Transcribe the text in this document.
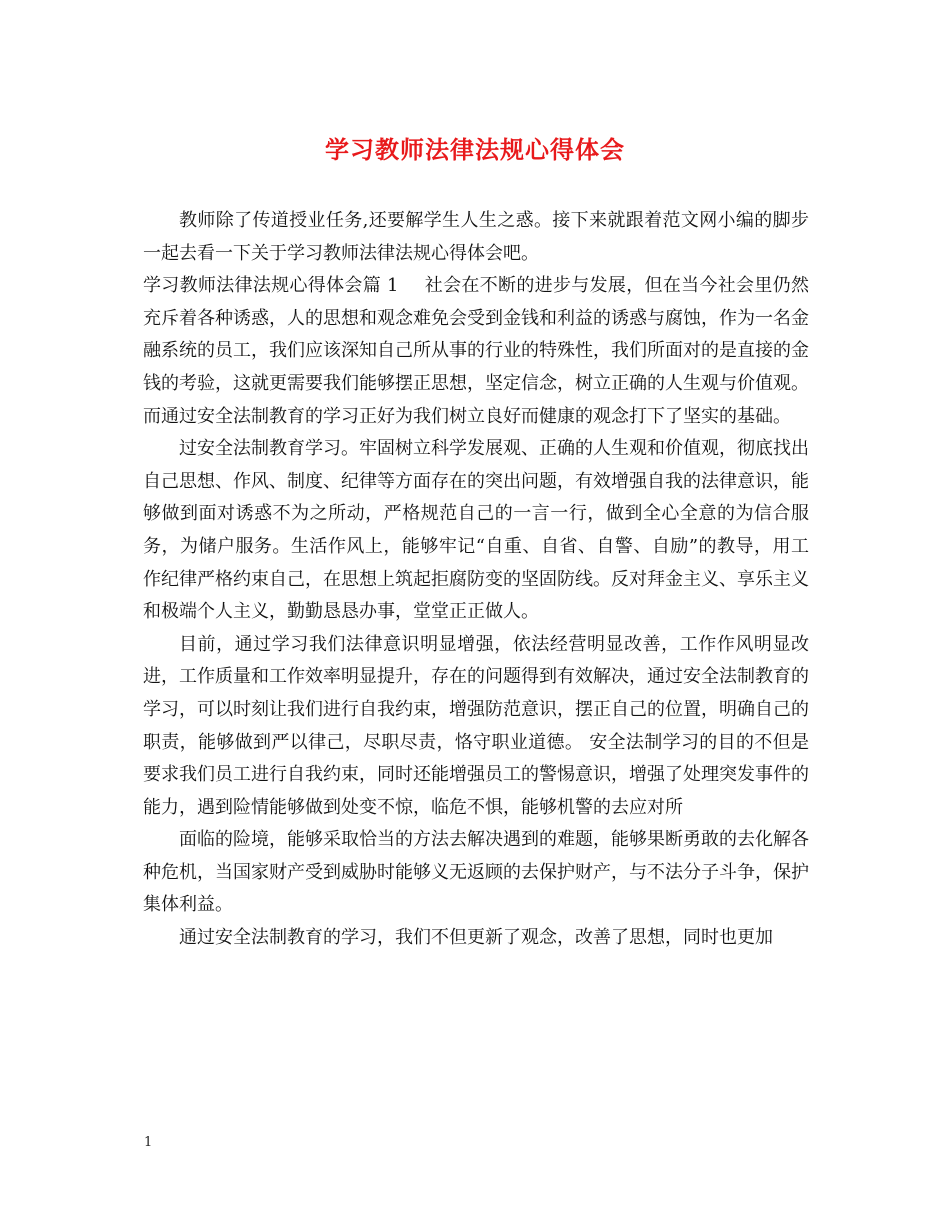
学习教师法律法规心得体会

教师除了传道授业任务,还要解学生人生之惑。接下来就跟着范文网小编的脚步一起去看一下关于学习教师法律法规心得体会吧。

学习教师法律法规心得体会篇 1 社会在不断的进步与发展，但在当今社会里仍然充斥着各种诱惑，人的思想和观念难免会受到金钱和利益的诱惑与腐蚀，作为一名金融系统的员工，我们应该深知自己所从事的行业的特殊性，我们所面对的是直接的金钱的考验，这就更需要我们能够摆正思想，坚定信念，树立正确的人生观与价值观。而通过安全法制教育的学习正好为我们树立良好而健康的观念打下了坚实的基础。

过安全法制教育学习。牢固树立科学发展观、正确的人生观和价值观，彻底找出自己思想、作风、制度、纪律等方面存在的突出问题，有效增强自我的法律意识，能够做到面对诱惑不为之所动，严格规范自己的一言一行，做到全心全意的为信合服务，为储户服务。生活作风上，能够牢记“自重、自省、自警、自励”的教导，用工作纪律严格约束自己，在思想上筑起拒腐防变的坚固防线。反对拜金主义、享乐主义和极端个人主义，勤勤恳恳办事，堂堂正正做人。

目前，通过学习我们法律意识明显增强，依法经营明显改善，工作作风明显改进，工作质量和工作效率明显提升，存在的问题得到有效解决，通过安全法制教育的学习，可以时刻让我们进行自我约束，增强防范意识，摆正自己的位置，明确自己的职责，能够做到严以律己，尽职尽责，恪守职业道德。 安全法制学习的目的不但是要求我们员工进行自我约束，同时还能增强员工的警惕意识，增强了处理突发事件的能力，遇到险情能够做到处变不惊，临危不惧，能够机警的去应对所

面临的险境，能够采取恰当的方法去解决遇到的难题，能够果断勇敢的去化解各种危机，当国家财产受到威胁时能够义无返顾的去保护财产，与不法分子斗争，保护集体利益。

通过安全法制教育的学习，我们不但更新了观念，改善了思想，同时也更加

1
